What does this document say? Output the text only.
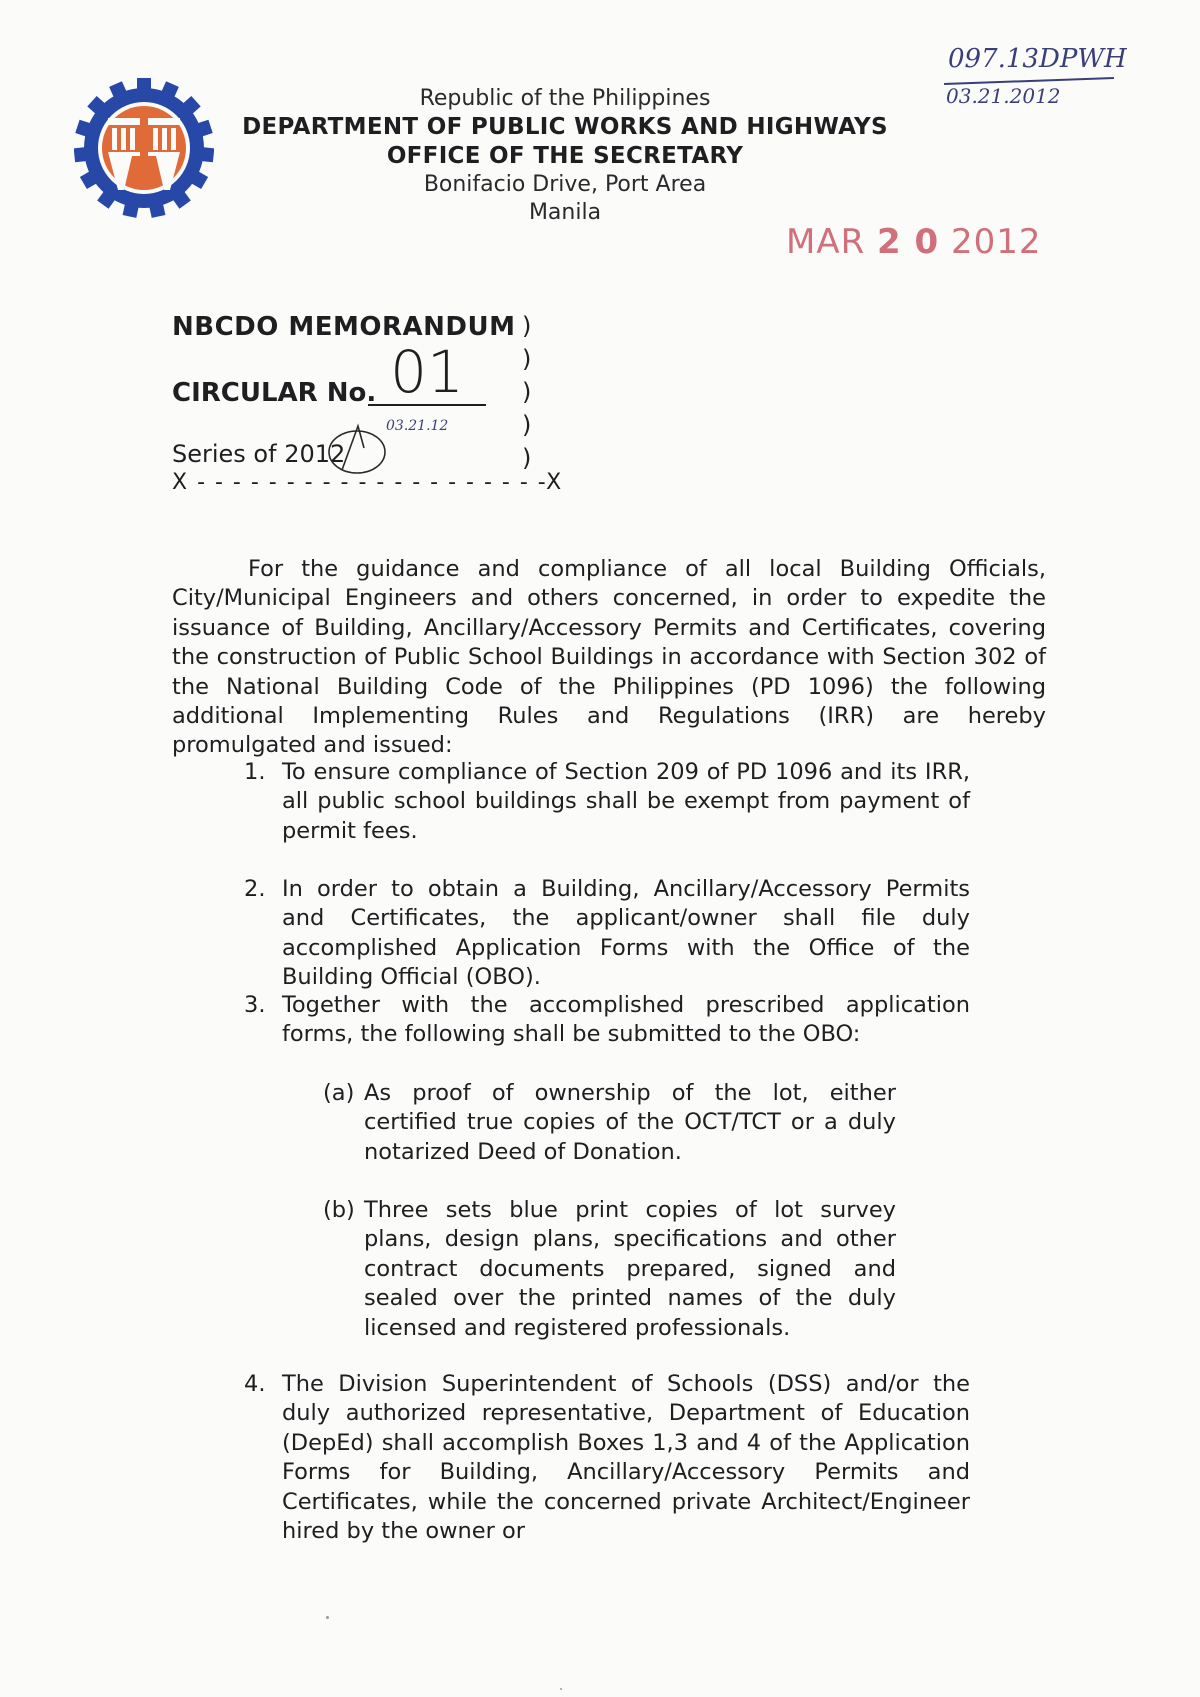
097.13DPWH
03.21.2012
Republic of the Philippines
DEPARTMENT OF PUBLIC WORKS AND HIGHWAYS
OFFICE OF THE SECRETARY
Bonifacio Drive, Port Area
Manila
MAR 2 0 2012
NBCDO MEMORANDUM
CIRCULAR No. 01
Series of 2012
03.21.12
)
)
)
)
)
X - - - - - - - - - - - - - - - - - - - -X
For the guidance and compliance of all local Building Officials, City/Municipal Engineers and others concerned, in order to expedite the issuance of Building, Ancillary/Accessory Permits and Certificates, covering the construction of Public School Buildings in accordance with Section 302 of the National Building Code of the Philippines (PD 1096) the following additional Implementing Rules and Regulations (IRR) are hereby promulgated and issued:
1. To ensure compliance of Section 209 of PD 1096 and its IRR, all public school buildings shall be exempt from payment of permit fees.
2. In order to obtain a Building, Ancillary/Accessory Permits and Certificates, the applicant/owner shall file duly accomplished Application Forms with the Office of the Building Official (OBO).
3. Together with the accomplished prescribed application forms, the following shall be submitted to the OBO:
(a) As proof of ownership of the lot, either certified true copies of the OCT/TCT or a duly notarized Deed of Donation.
(b) Three sets blue print copies of lot survey plans, design plans, specifications and other contract documents prepared, signed and sealed over the printed names of the duly licensed and registered professionals.
4. The Division Superintendent of Schools (DSS) and/or the duly authorized representative, Department of Education (DepEd) shall accomplish Boxes 1,3 and 4 of the Application Forms for Building, Ancillary/Accessory Permits and Certificates, while the concerned private Architect/Engineer hired by the owner or
